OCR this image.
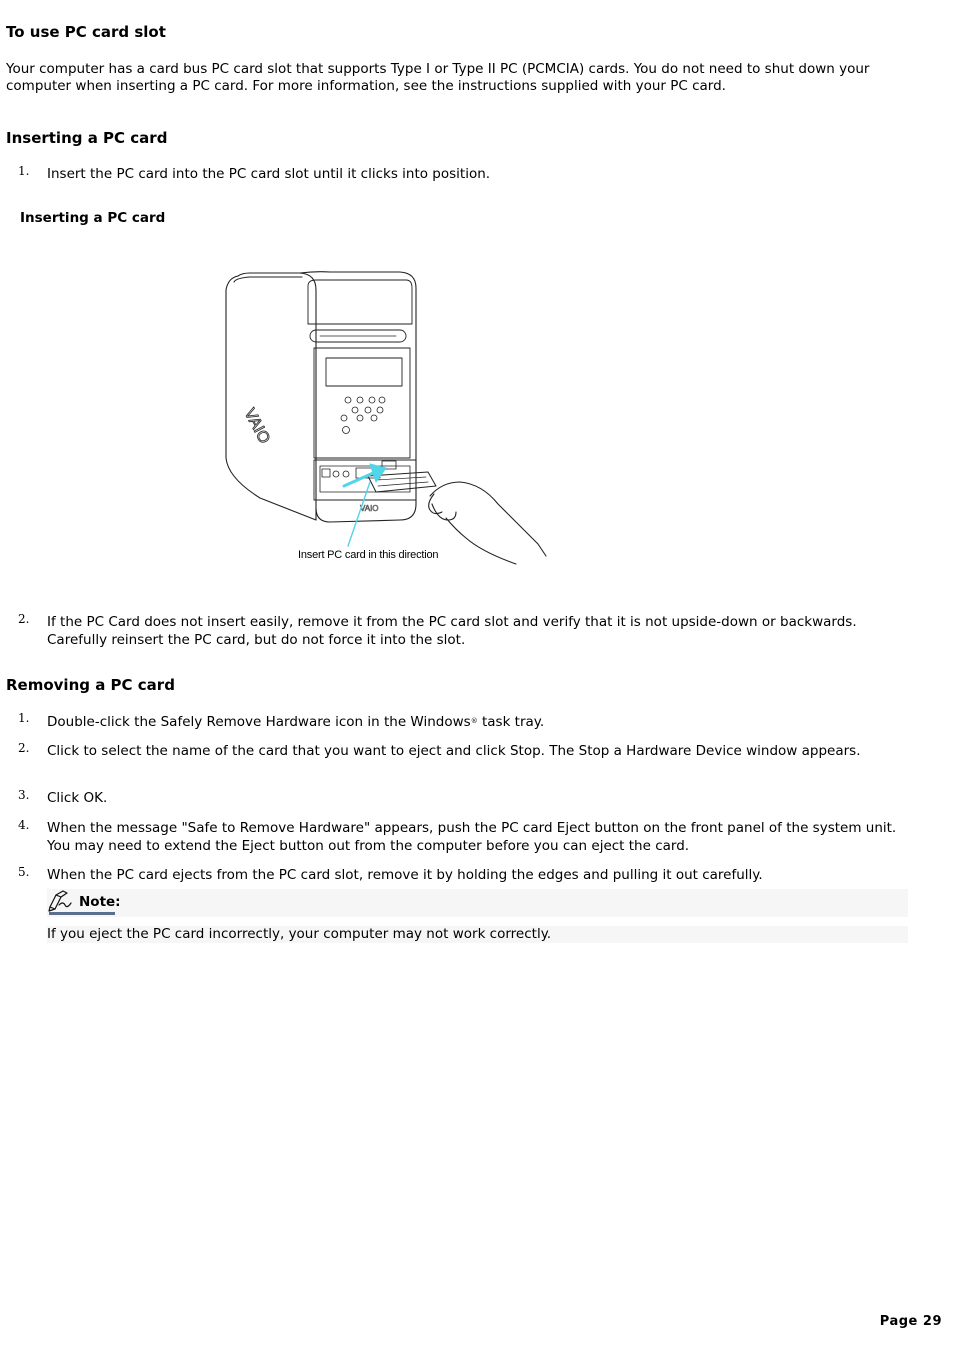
To use PC card slot

Your computer has a card bus PC card slot that supports Type I or Type II PC (PCMCIA) cards. You do not need to shut down your computer when inserting a PC card. For more information, see the instructions supplied with your PC card.

Inserting a PC card
1. Insert the PC card into the PC card slot until it clicks into position.
Inserting a PC card
VAIO
VAIO
Insert PC card in this direction
2. If the PC Card does not insert easily, remove it from the PC card slot and verify that it is not upside-down or backwards. Carefully reinsert the PC card, but do not force it into the slot.
Removing a PC card
1. Double-click the Safely Remove Hardware icon in the Windows® task tray.
2. Click to select the name of the card that you want to eject and click Stop. The Stop a Hardware Device window appears.
3. Click OK.
4. When the message "Safe to Remove Hardware" appears, push the PC card Eject button on the front panel of the system unit. You may need to extend the Eject button out from the computer before you can eject the card.
5. When the PC card ejects from the PC card slot, remove it by holding the edges and pulling it out carefully.
Note:
If you eject the PC card incorrectly, your computer may not work correctly.
Page 29
